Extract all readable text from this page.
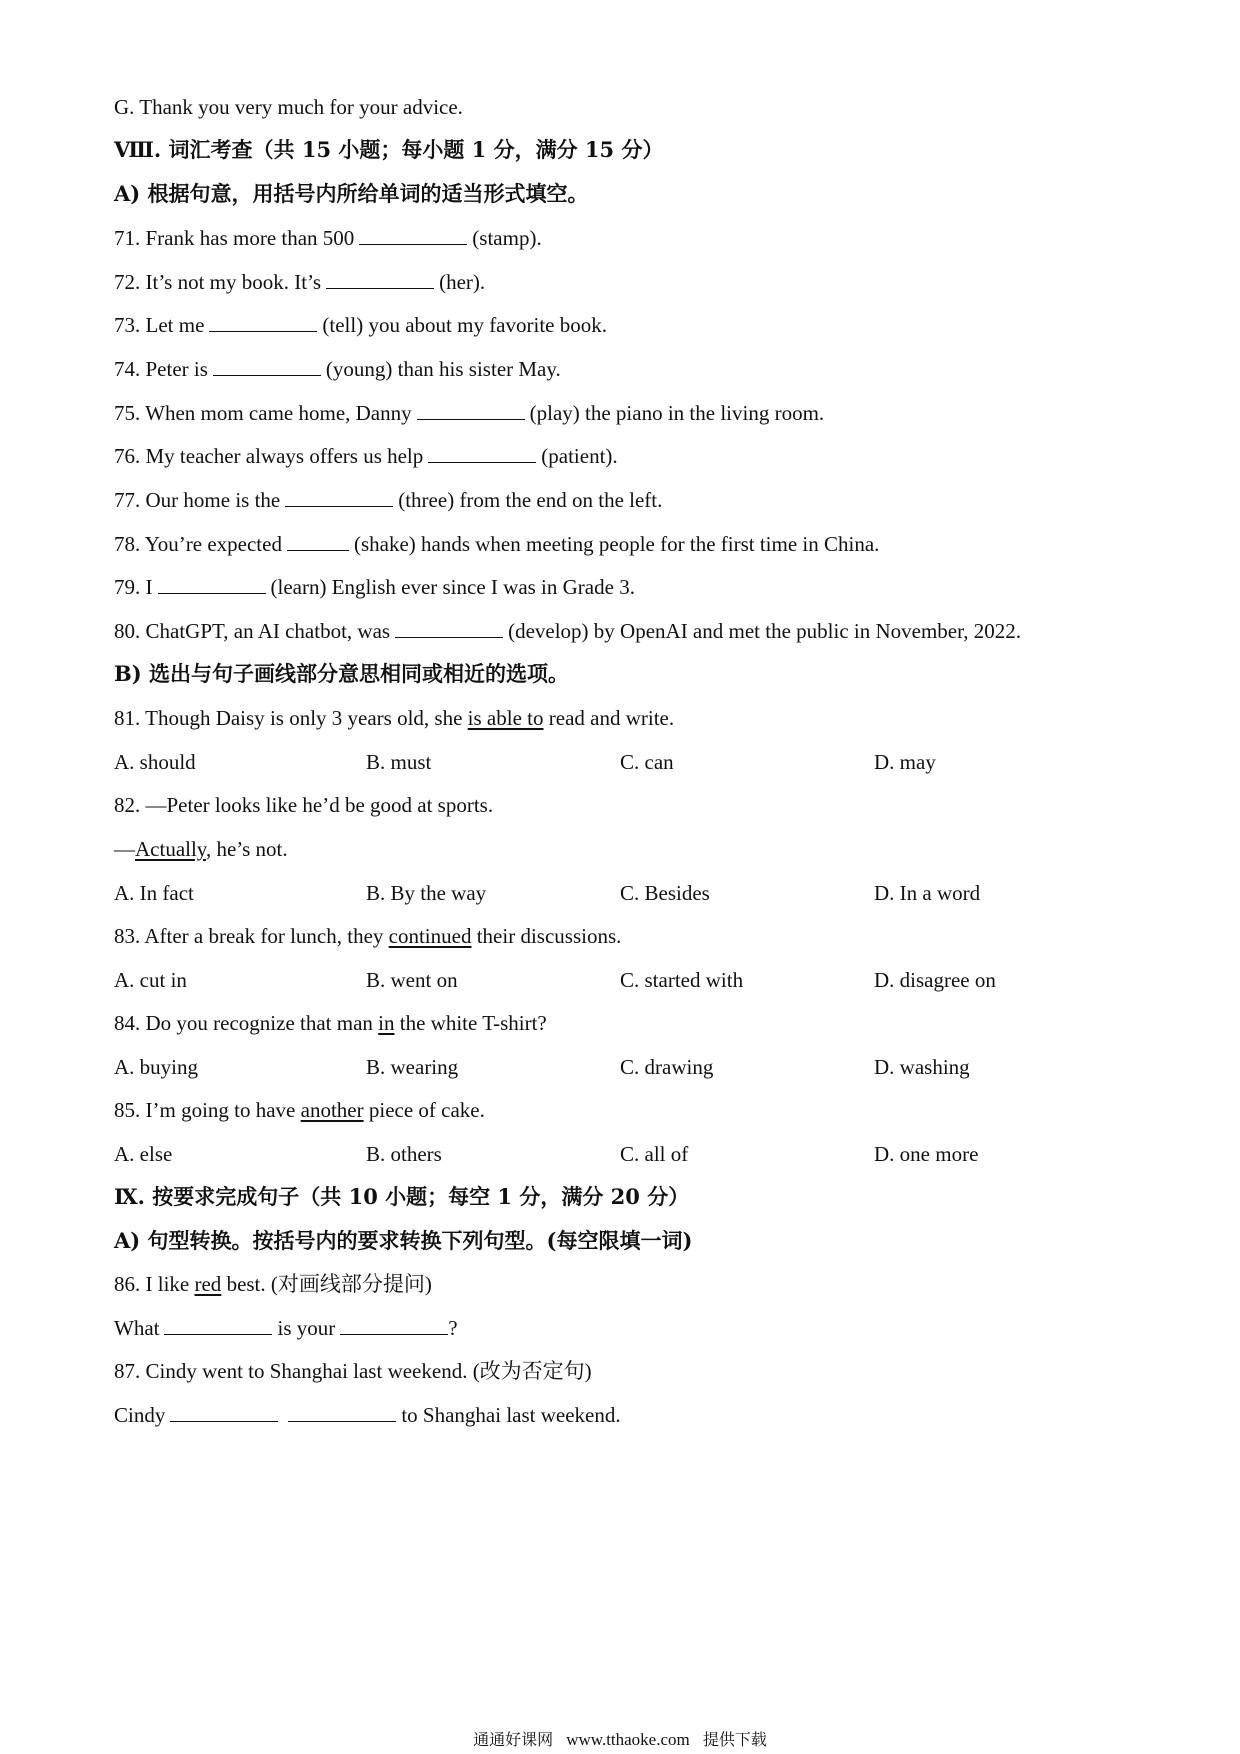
G. Thank you very much for your advice.
Ⅷ. 词汇考查（共 15 小题；每小题 1 分，满分 15 分）
A) 根据句意，用括号内所给单词的适当形式填空。
71. Frank has more than 500	(stamp).
72. It’s not my book. It’s	(her).
73. Let me	(tell) you about my favorite book.
74. Peter is	(young) than his sister May.
75. When mom came home, Danny	(play) the piano in the living room.
76. My teacher always offers us help	(patient).
77. Our home is the	(three) from the end on the left.
78. You’re expected	(shake) hands when meeting people for the first time in China.
79. I	(learn) English ever since I was in Grade 3.
80. ChatGPT, an AI chatbot, was	(develop) by OpenAI and met the public in November, 2022.
B) 选出与句子画线部分意思相同或相近的选项。
81. Though Daisy is only 3 years old, she is able to read and write.
A. should	B. must	C. can	D. may
82. —Peter looks like he’d be good at sports.
—Actually, he’s not.
A. In fact	B. By the way	C. Besides	D. In a word
83. After a break for lunch, they continued their discussions.
A. cut in	B. went on	C. started with	D. disagree on
84. Do you recognize that man in the white T-shirt?
A. buying	B. wearing	C. drawing	D. washing
85. I’m going to have another piece of cake.
A. else	B. others	C. all of	D. one more
Ⅸ. 按要求完成句子（共 10 小题；每空 1 分，满分 20 分）
A) 句型转换。按括号内的要求转换下列句型。(每空限填一词)
86. I like red best. (对画线部分提问)
What	is your	?
87. Cindy went to Shanghai last weekend. (改为否定句)
Cindy	to Shanghai last weekend.
通通好课网 www.tthaoke.com 提供下载
